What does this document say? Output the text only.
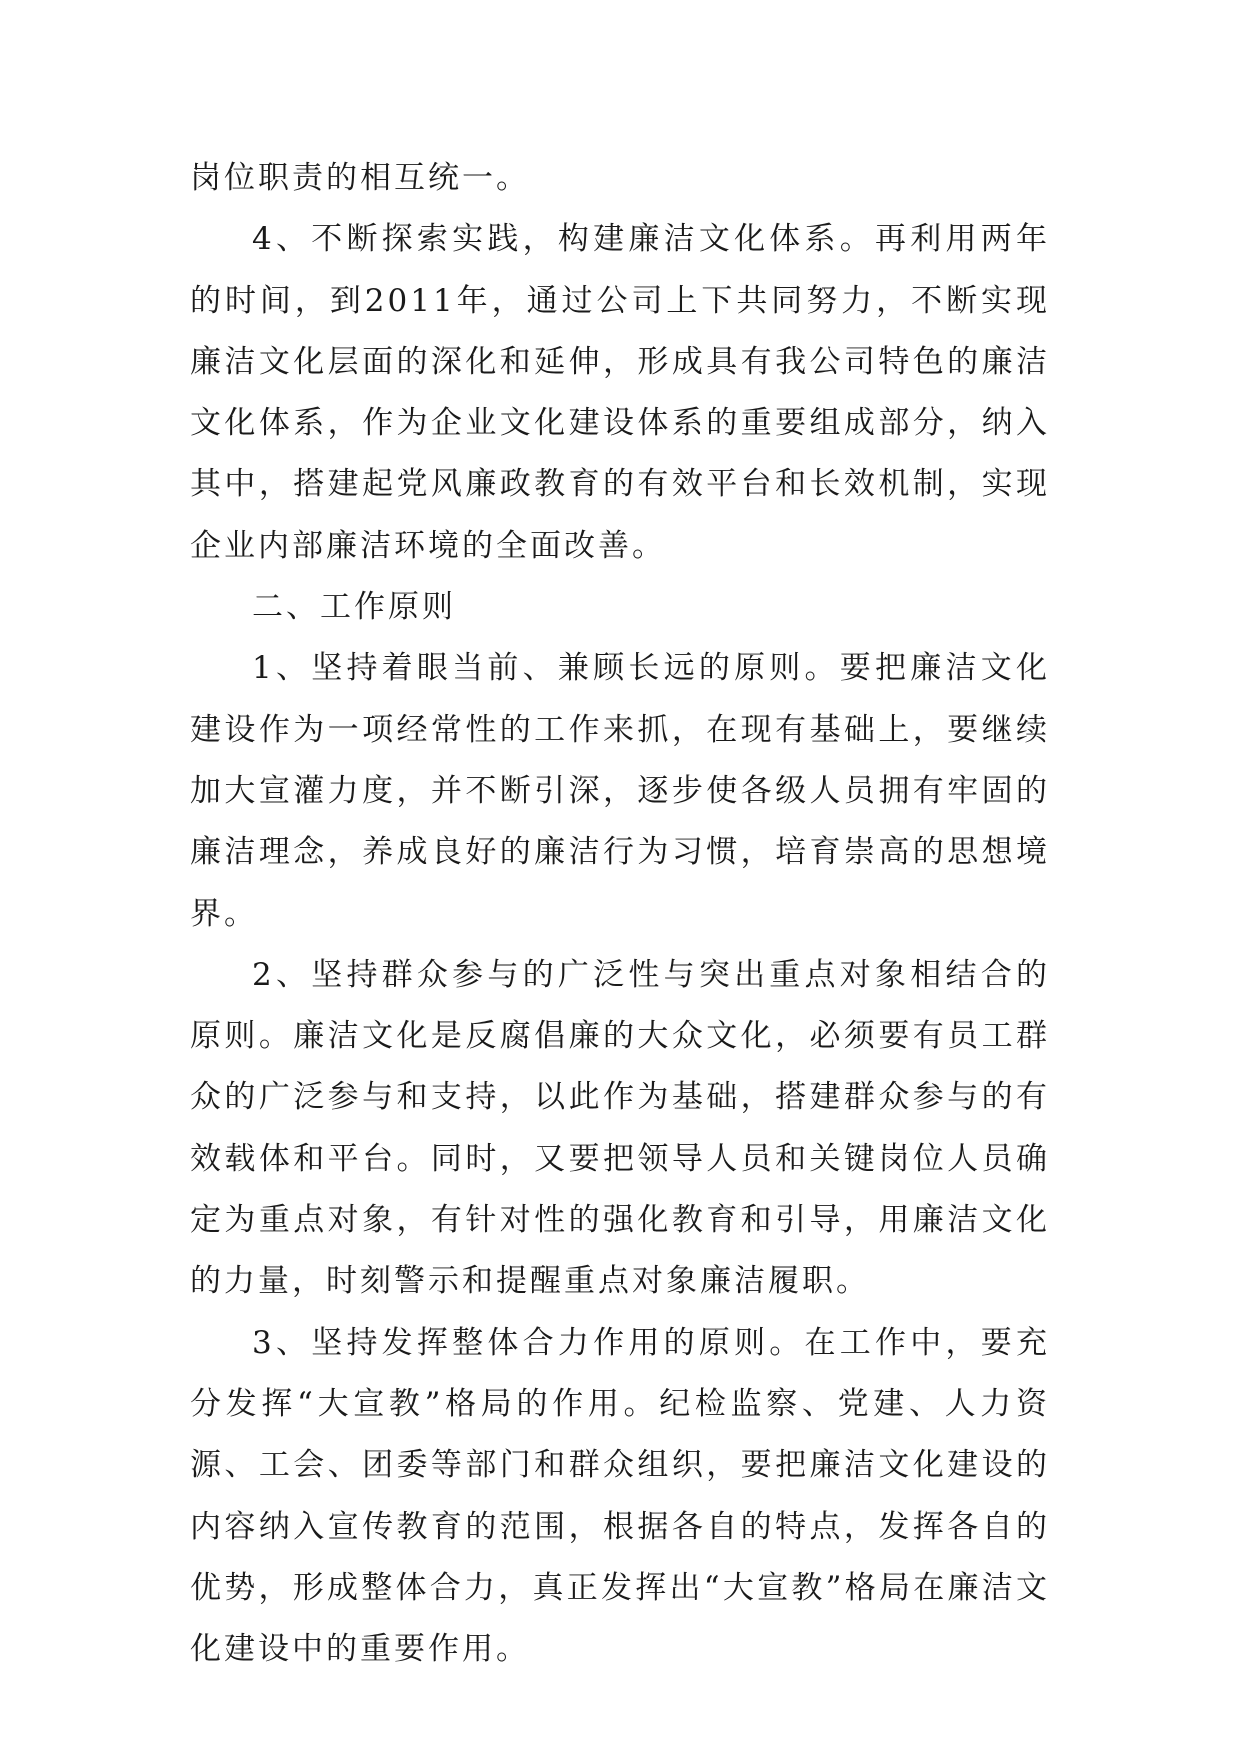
岗位职责的相互统一。

4、不断探索实践，构建廉洁文化体系。再利用两年的时间，到2011年，通过公司上下共同努力，不断实现廉洁文化层面的深化和延伸，形成具有我公司特色的廉洁文化体系，作为企业文化建设体系的重要组成部分，纳入其中，搭建起党风廉政教育的有效平台和长效机制，实现企业内部廉洁环境的全面改善。

二、工作原则

1、坚持着眼当前、兼顾长远的原则。要把廉洁文化建设作为一项经常性的工作来抓，在现有基础上，要继续加大宣灌力度，并不断引深，逐步使各级人员拥有牢固的廉洁理念，养成良好的廉洁行为习惯，培育崇高的思想境界。

2、坚持群众参与的广泛性与突出重点对象相结合的原则。廉洁文化是反腐倡廉的大众文化，必须要有员工群众的广泛参与和支持，以此作为基础，搭建群众参与的有效载体和平台。同时，又要把领导人员和关键岗位人员确定为重点对象，有针对性的强化教育和引导，用廉洁文化的力量，时刻警示和提醒重点对象廉洁履职。

3、坚持发挥整体合力作用的原则。在工作中，要充分发挥“大宣教”格局的作用。纪检监察、党建、人力资源、工会、团委等部门和群众组织，要把廉洁文化建设的内容纳入宣传教育的范围，根据各自的特点，发挥各自的优势，形成整体合力，真正发挥出“大宣教”格局在廉洁文化建设中的重要作用。
